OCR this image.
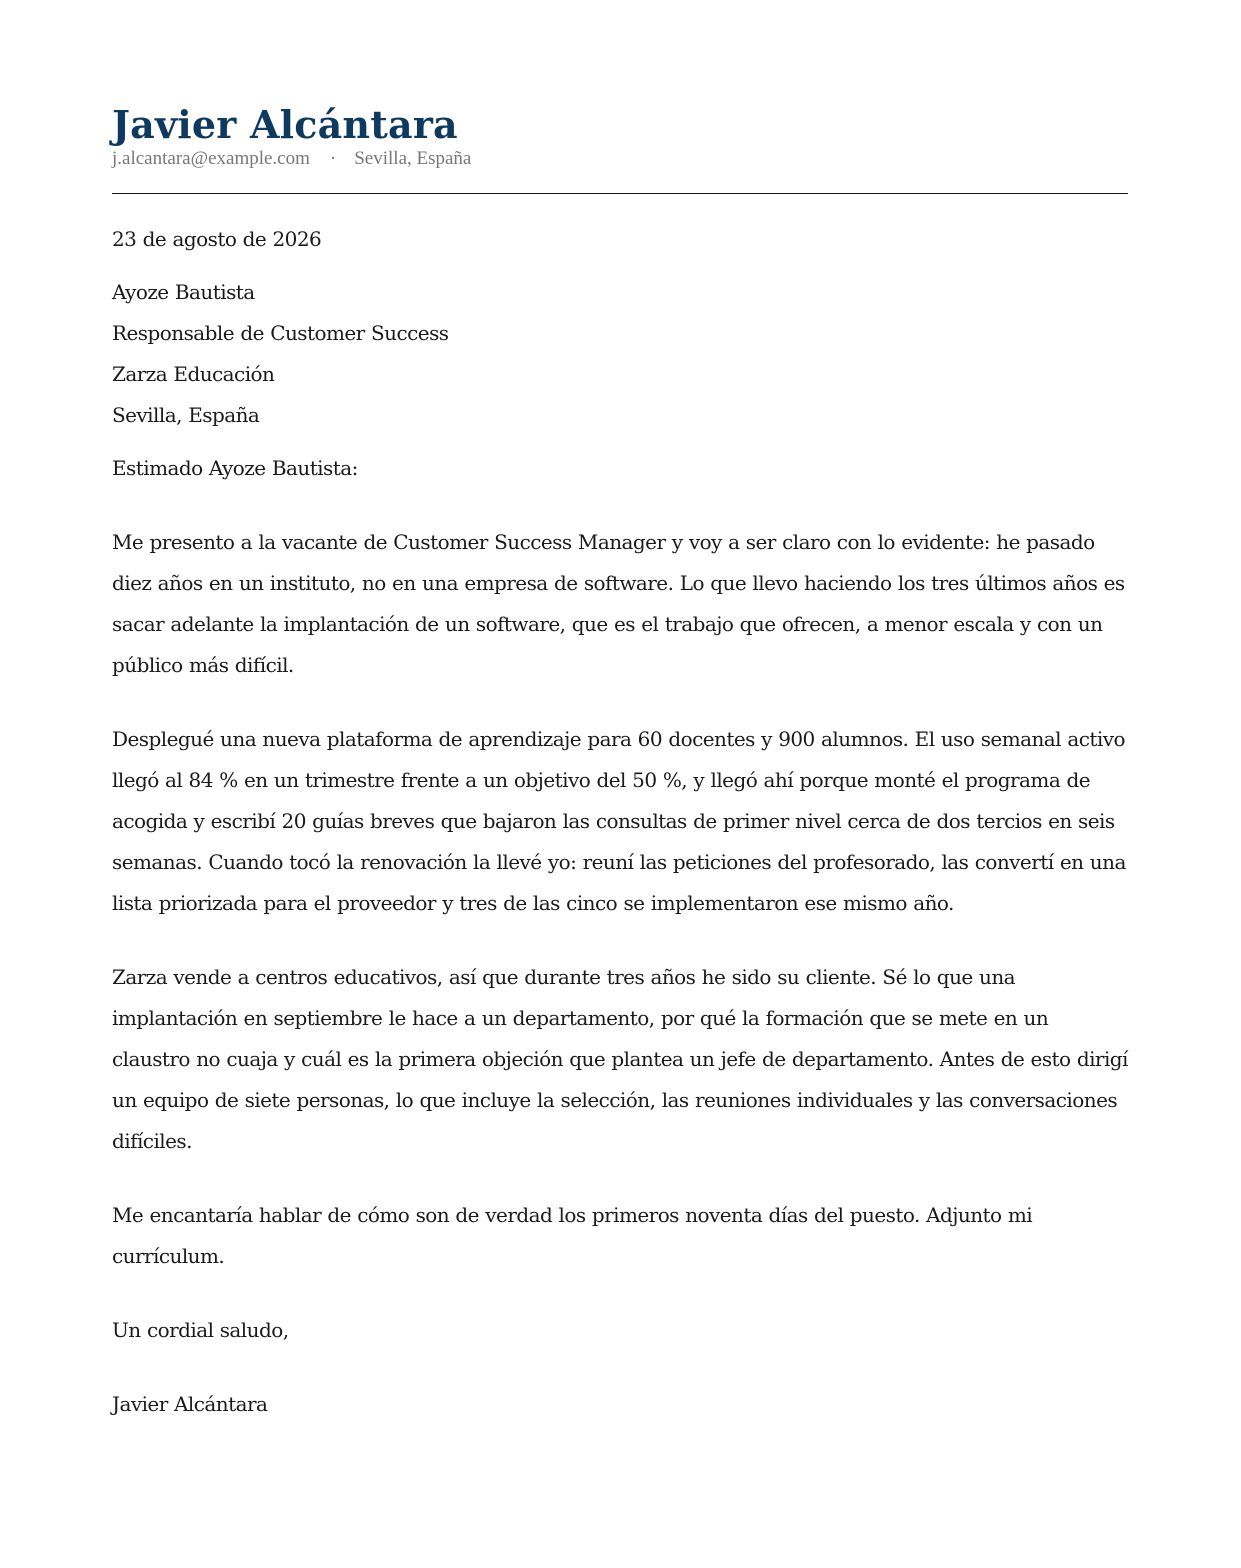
Javier Alcántara
j.alcantara@example.com · Sevilla, España
23 de agosto de 2026
Ayoze Bautista
Responsable de Customer Success
Zarza Educación
Sevilla, España
Estimado Ayoze Bautista:

Me presento a la vacante de Customer Success Manager y voy a ser claro con lo evidente: he pasado diez años en un instituto, no en una empresa de software. Lo que llevo haciendo los tres últimos años es sacar adelante la implantación de un software, que es el trabajo que ofrecen, a menor escala y con un público más difícil.

Desplegué una nueva plataforma de aprendizaje para 60 docentes y 900 alumnos. El uso semanal activo llegó al 84 % en un trimestre frente a un objetivo del 50 %, y llegó ahí porque monté el programa de acogida y escribí 20 guías breves que bajaron las consultas de primer nivel cerca de dos tercios en seis semanas. Cuando tocó la renovación la llevé yo: reuní las peticiones del profesorado, las convertí en una lista priorizada para el proveedor y tres de las cinco se implementaron ese mismo año.

Zarza vende a centros educativos, así que durante tres años he sido su cliente. Sé lo que una implantación en septiembre le hace a un departamento, por qué la formación que se mete en un claustro no cuaja y cuál es la primera objeción que plantea un jefe de departamento. Antes de esto dirigí un equipo de siete personas, lo que incluye la selección, las reuniones individuales y las conversaciones difíciles.

Me encantaría hablar de cómo son de verdad los primeros noventa días del puesto. Adjunto mi currículum.

Un cordial saludo,
Javier Alcántara
